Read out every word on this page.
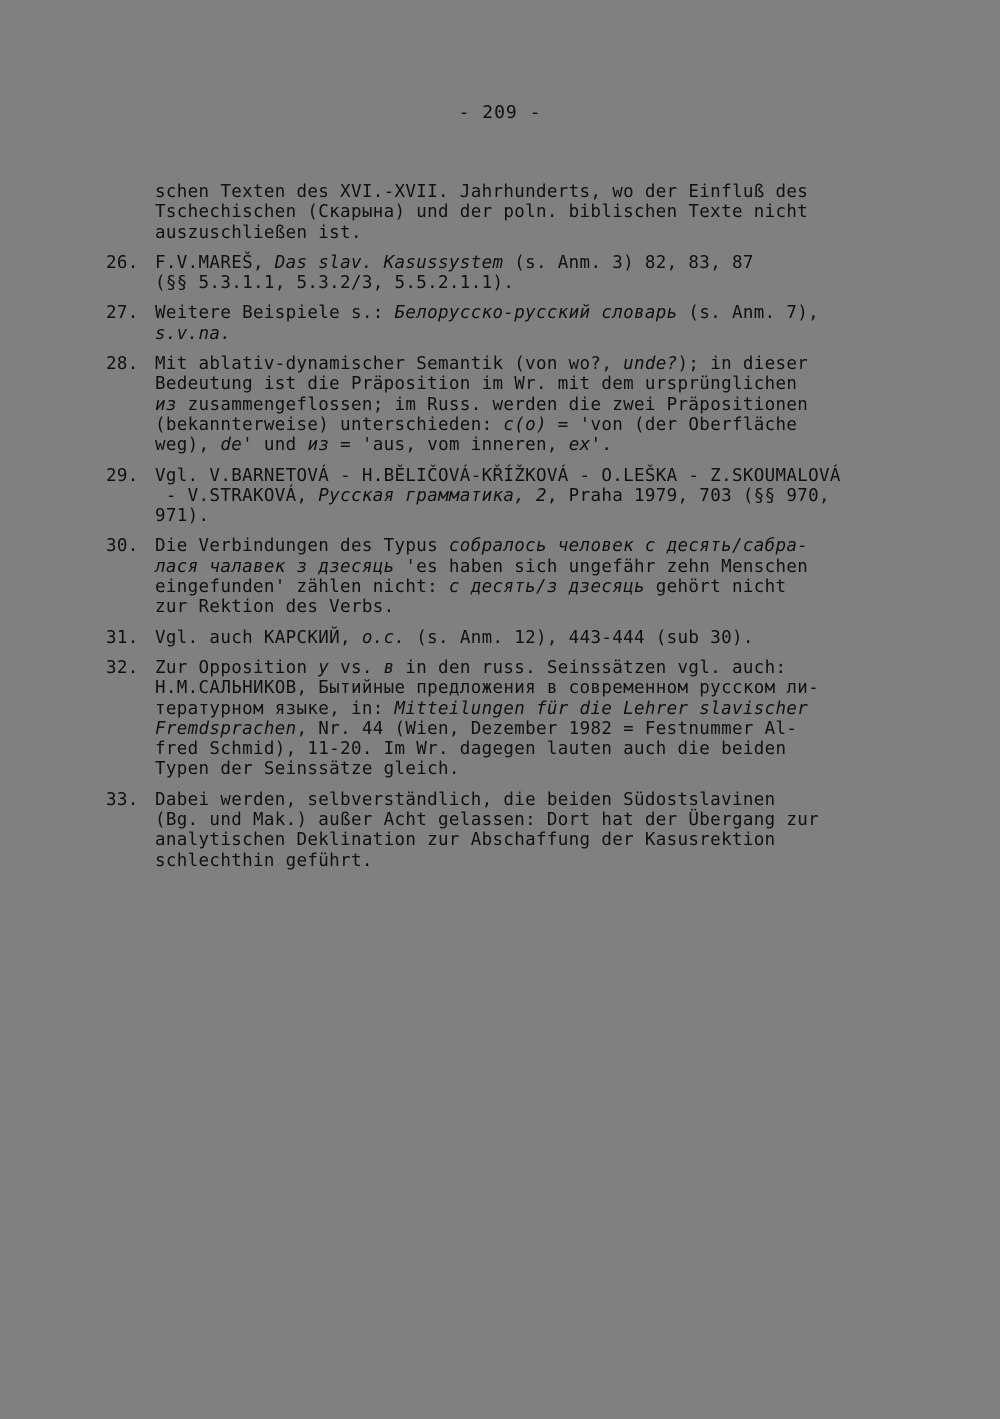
- 209 -
schen Texten des XVI.-XVII. Jahrhunderts, wo der Einfluß des
Tschechischen (Скарына) und der poln. biblischen Texte nicht
auszuschließen ist.
26. F.V.MAREŠ, Das slav. Kasussystem (s. Anm. 3) 82, 83, 87
(§§ 5.3.1.1, 5.3.2/3, 5.5.2.1.1).
27. Weitere Beispiele s.: Белорусско-русский словарь (s. Anm. 7),
s.v.na.
28. Mit ablativ-dynamischer Semantik (von wo?, unde?); in dieser
Bedeutung ist die Präposition im Wr. mit dem ursprünglichen
из zusammengeflossen; im Russ. werden die zwei Präpositionen
(bekannterweise) unterschieden: c(o) = 'von (der Oberfläche
weg), de' und из = 'aus, vom inneren, ex'.
29. Vgl. V.BARNETOVÁ - H.BĚLIČOVÁ-KŘÍŽKOVÁ - O.LEŠKA - Z.SKOUMALOVÁ
- V.STRAKOVÁ, Русская грамматика, 2, Praha 1979, 703 (§§ 970,
971).
30. Die Verbindungen des Typus собралось человек с десять/сабра-
лася чалавек з дзесяць 'es haben sich ungefähr zehn Menschen
eingefunden' zählen nicht: с десять/з дзесяць gehört nicht
zur Rektion des Verbs.
31. Vgl. auch КАРСКИЙ, o.c. (s. Anm. 12), 443-444 (sub 30).
32. Zur Opposition у vs. в in den russ. Seinssätzen vgl. auch:
Н.М.САЛЬНИКОВ, Бытийные предложения в современном русском ли-
тературном языке, in: Mitteilungen für die Lehrer slavischer
Fremdsprachen, Nr. 44 (Wien, Dezember 1982 = Festnummer Al-
fred Schmid), 11-20. Im Wr. dagegen lauten auch die beiden
Typen der Seinssätze gleich.
33. Dabei werden, selbverständlich, die beiden Südostslavinen
(Bg. und Mak.) außer Acht gelassen: Dort hat der Übergang zur
analytischen Deklination zur Abschaffung der Kasusrektion
schlechthin geführt.
